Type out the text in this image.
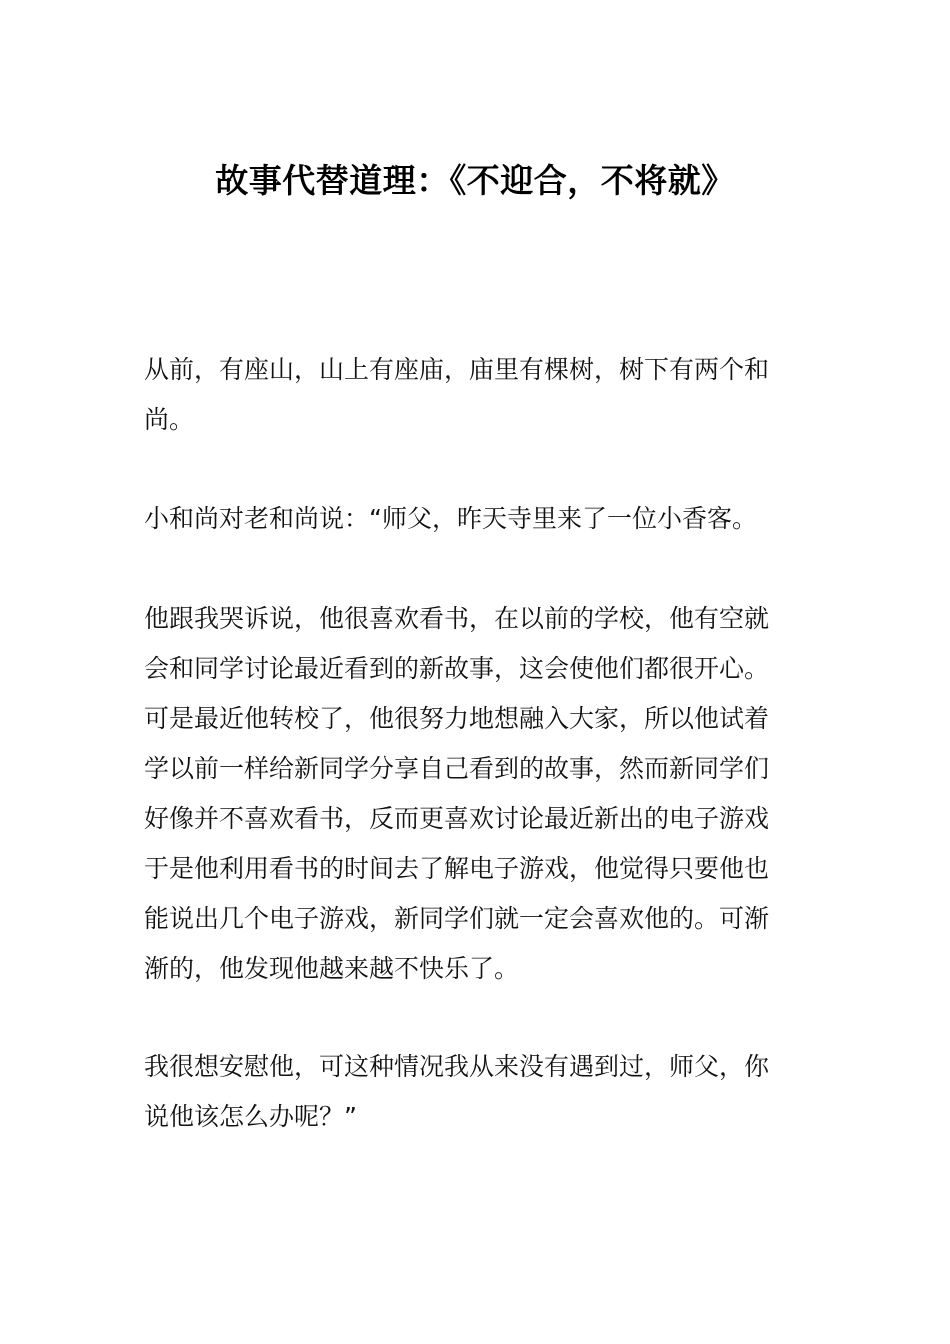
故事代替道理：《不迎合，不将就》

从前，有座山，山上有座庙，庙里有棵树，树下有两个和
尚。

小和尚对老和尚说：“师父，昨天寺里来了一位小香客。

他跟我哭诉说，他很喜欢看书，在以前的学校，他有空就
会和同学讨论最近看到的新故事，这会使他们都很开心。
可是最近他转校了，他很努力地想融入大家，所以他试着
学以前一样给新同学分享自己看到的故事，然而新同学们
好像并不喜欢看书，反而更喜欢讨论最近新出的电子游戏
于是他利用看书的时间去了解电子游戏，他觉得只要他也
能说出几个电子游戏，新同学们就一定会喜欢他的。可渐
渐的，他发现他越来越不快乐了。

我很想安慰他，可这种情况我从来没有遇到过，师父，你
说他该怎么办呢？”
